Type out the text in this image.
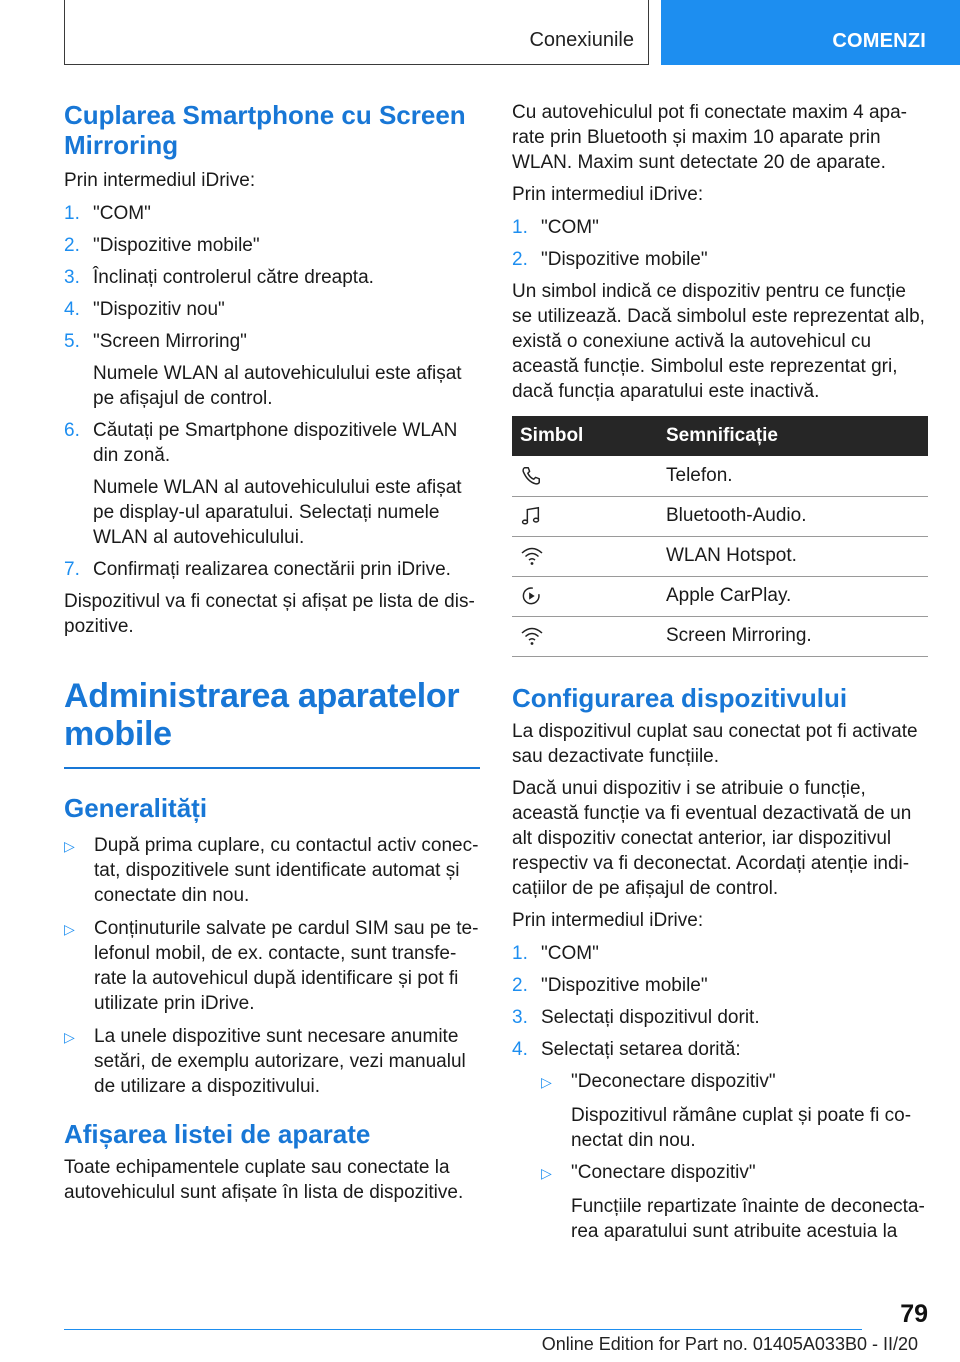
Conexiunile	COMENZI
Cuplarea Smartphone cu Screen Mirroring

Prin intermediul iDrive:

1. "COM"
2. "Dispozitive mobile"
3. Înclinați controlerul către dreapta.
4. "Dispozitiv nou"
5. "Screen Mirroring"
Numele WLAN al autovehiculului este afișat pe afișajul de control.
6. Căutați pe Smartphone dispozitivele WLAN din zonă.
Numele WLAN al autovehiculului este afișat pe display-ul aparatului. Selectați numele WLAN al autovehiculului.
7. Confirmați realizarea conectării prin iDrive.

Dispozitivul va fi conectat și afișat pe lista de dispozitive.

Administrarea aparatelor mobile
Generalități
▷	După prima cuplare, cu contactul activ conectat, dispozitivele sunt identificate automat și conectate din nou.
▷	Conținuturile salvate pe cardul SIM sau pe telefonul mobil, de ex. contacte, sunt transferate la autovehicul după identificare și pot fi utilizate prin iDrive.
▷	La unele dispozitive sunt necesare anumite setări, de exemplu autorizare, vezi manualul de utilizare a dispozitivului.
Afișarea listei de aparate

Toate echipamentele cuplate sau conectate la autovehiculul sunt afișate în lista de dispozitive.

Cu autovehiculul pot fi conectate maxim 4 aparate prin Bluetooth și maxim 10 aparate prin WLAN. Maxim sunt detectate 20 de aparate.

Prin intermediul iDrive:

1. "COM"
2. "Dispozitive mobile"

Un simbol indică ce dispozitiv pentru ce funcție se utilizează. Dacă simbolul este reprezentat alb, există o conexiune activă la autovehicul cu această funcție. Simbolul este reprezentat gri, dacă funcția aparatului este inactivă.

Simbol	Semnificație

	Telefon.

	Bluetooth-Audio.

	WLAN Hotspot.

	Apple CarPlay.

	Screen Mirroring.
Configurarea dispozitivului

La dispozitivul cuplat sau conectat pot fi activate sau dezactivate funcțiile.

Dacă unui dispozitiv i se atribuie o funcție, această funcție va fi eventual dezactivată de un alt dispozitiv conectat anterior, iar dispozitivul respectiv va fi deconectat. Acordați atenție indicațiilor de pe afișajul de control.

Prin intermediul iDrive:

1. "COM"
2. "Dispozitive mobile"
3. Selectați dispozitivul dorit.
4. Selectați setarea dorită:
▷	"Deconectare dispozitiv"
Dispozitivul rămâne cuplat și poate fi conectat din nou.
▷	"Conectare dispozitiv"
Funcțiile repartizate înainte de deconectarea aparatului sunt atribuite acestuia la
79
Online Edition for Part no. 01405A033B0 - II/20
